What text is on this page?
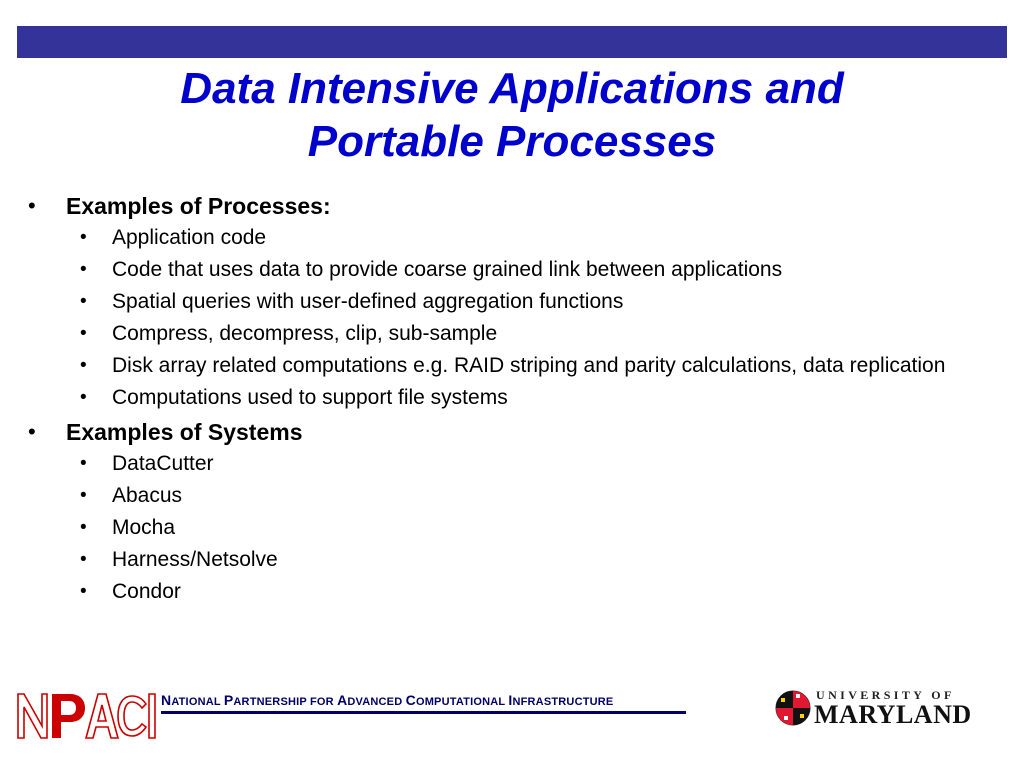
Data Intensive Applications and
Portable Processes
• Examples of Processes:
• Application code
• Code that uses data to provide coarse grained link between applications
• Spatial queries with user-defined aggregation functions
• Compress, decompress, clip, sub-sample
• Disk array related computations e.g. RAID striping and parity calculations, data replication
• Computations used to support file systems
• Examples of Systems
• DataCutter
• Abacus
• Mocha
• Harness/Netsolve
• Condor
NATIONAL PARTNERSHIP FOR ADVANCED COMPUTATIONAL INFRASTRUCTURE	UNIVERSITY OF
MARYLAND
